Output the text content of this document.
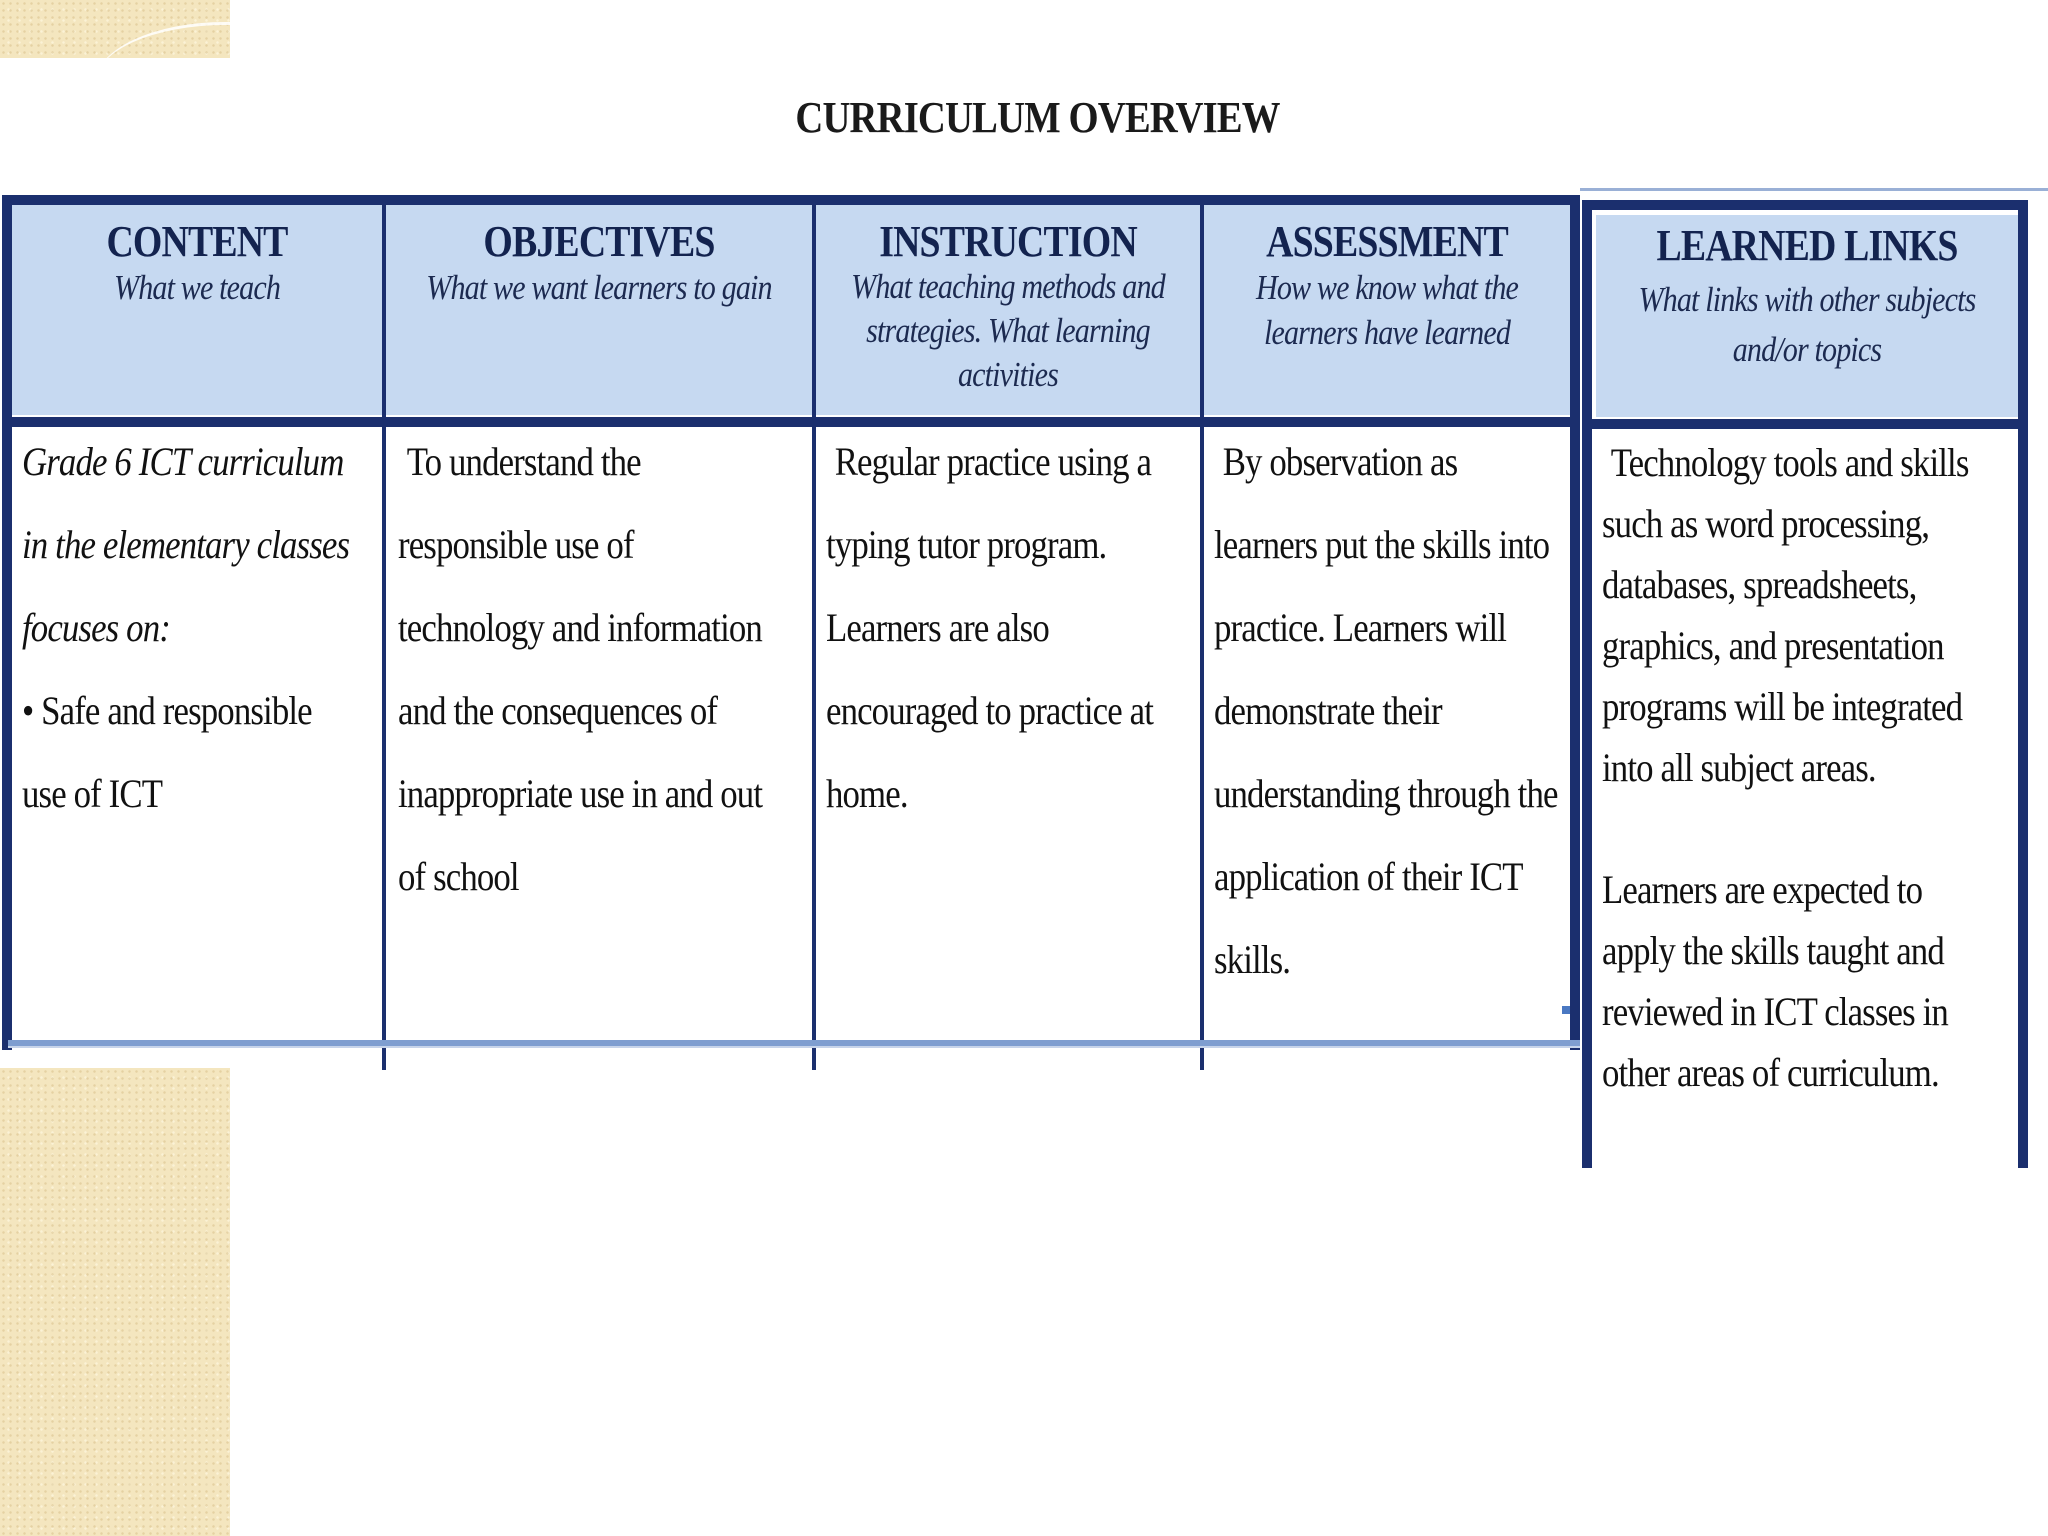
CURRICULUM OVERVIEW
CONTENT
What we teach
OBJECTIVES
What we want learners to gain
INSTRUCTION
What teaching methods and strategies. What learning activities
ASSESSMENT
How we know what the learners have learned
LEARNED LINKS
What links with other subjects and/or topics
Grade 6 ICT curriculum in the elementary classes focuses on:
• Safe and responsible use of ICT
To understand the responsible use of technology and information and the consequences of inappropriate use in and out of school
Regular practice using a typing tutor program. Learners are also encouraged to practice at home.
By observation as learners put the skills into practice. Learners will demonstrate their understanding through the application of their ICT skills.
Technology tools and skills such as word processing, databases, spreadsheets, graphics, and presentation programs will be integrated into all subject areas.
Learners are expected to apply the skills taught and reviewed in ICT classes in other areas of curriculum.
